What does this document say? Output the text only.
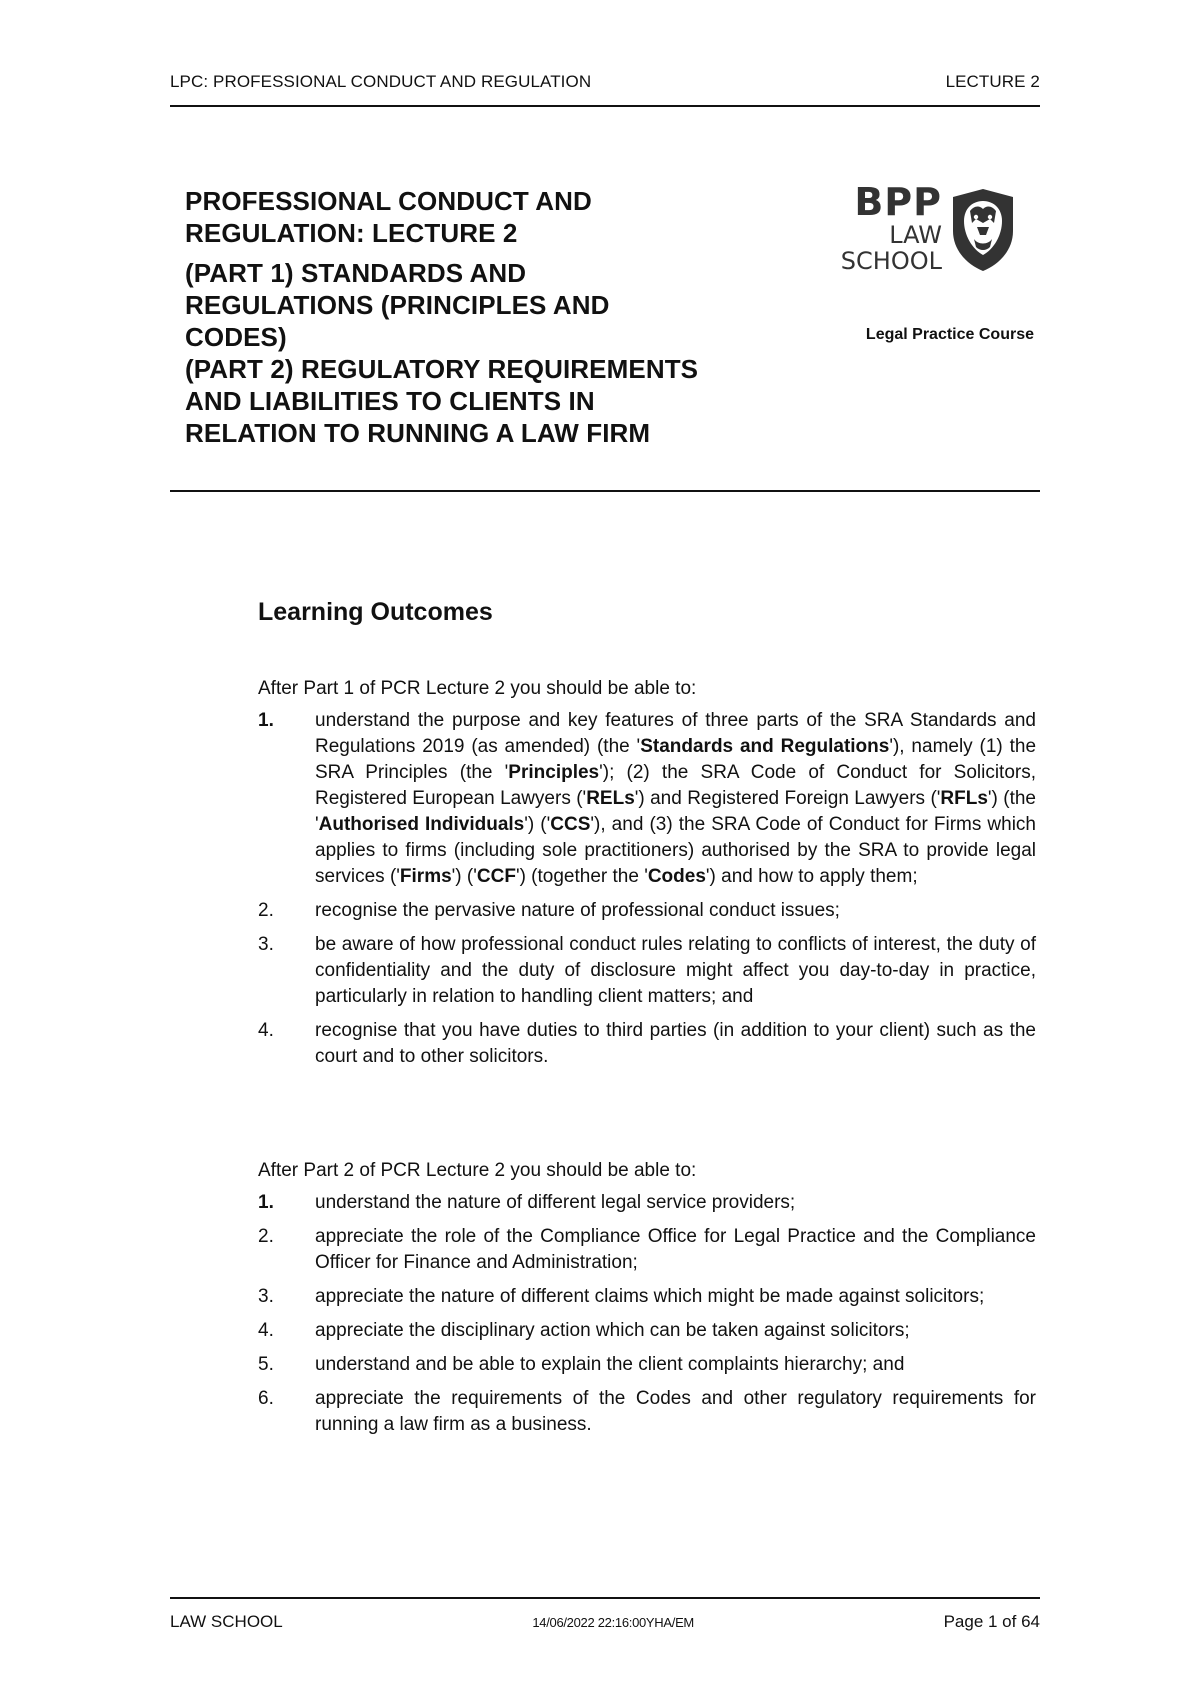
LPC: PROFESSIONAL CONDUCT AND REGULATION	LECTURE 2
PROFESSIONAL CONDUCT AND
REGULATION: LECTURE 2
(PART 1) STANDARDS AND
REGULATIONS (PRINCIPLES AND
CODES)
(PART 2) REGULATORY REQUIREMENTS
AND LIABILITIES TO CLIENTS IN
RELATION TO RUNNING A LAW FIRM
BPP
LAW
SCHOOL
Legal Practice Course
Learning Outcomes
After Part 1 of PCR Lecture 2 you should be able to:
1. understand the purpose and key features of three parts of the SRA Standards and Regulations 2019 (as amended) (the 'Standards and Regulations'), namely (1) the SRA Principles (the 'Principles'); (2) the SRA Code of Conduct for Solicitors, Registered European Lawyers ('RELs') and Registered Foreign Lawyers ('RFLs') (the 'Authorised Individuals') ('CCS'), and (3) the SRA Code of Conduct for Firms which applies to firms (including sole practitioners) authorised by the SRA to provide legal services ('Firms') ('CCF') (together the 'Codes') and how to apply them;
2. recognise the pervasive nature of professional conduct issues;
3. be aware of how professional conduct rules relating to conflicts of interest, the duty of confidentiality and the duty of disclosure might affect you day-to-day in practice, particularly in relation to handling client matters; and
4. recognise that you have duties to third parties (in addition to your client) such as the court and to other solicitors.
After Part 2 of PCR Lecture 2 you should be able to:
1. understand the nature of different legal service providers;
2. appreciate the role of the Compliance Office for Legal Practice and the Compliance Officer for Finance and Administration;
3. appreciate the nature of different claims which might be made against solicitors;
4. appreciate the disciplinary action which can be taken against solicitors;
5. understand and be able to explain the client complaints hierarchy; and
6. appreciate the requirements of the Codes and other regulatory requirements for running a law firm as a business.
LAW SCHOOL	14/06/2022 22:16:00YHA/EM	Page 1 of 64
